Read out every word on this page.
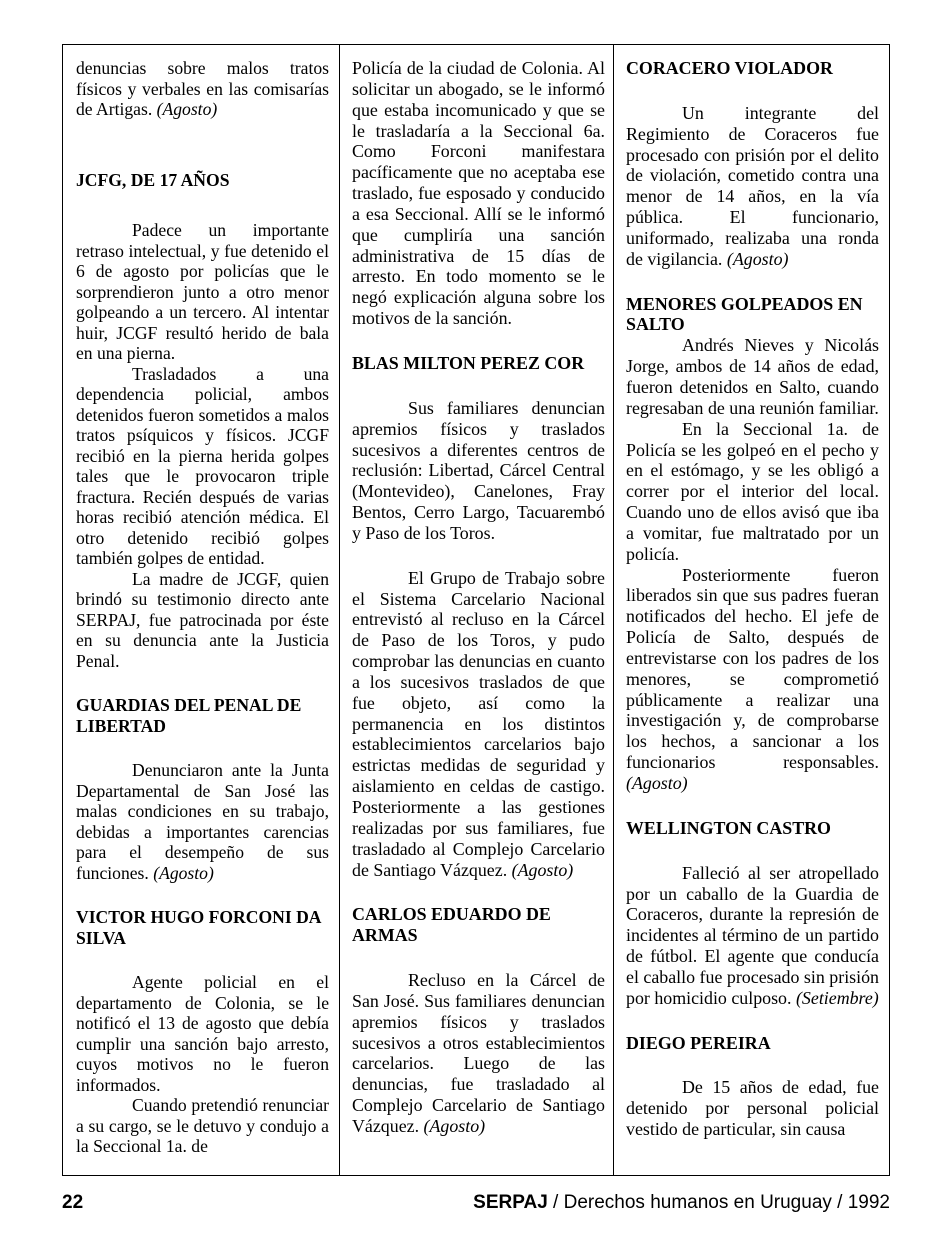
denuncias sobre malos tratos físicos y verbales en las comisarías de Artigas. (Agosto)

JCFG, DE 17 AÑOS

Padece un importante retraso intelectual, y fue detenido el 6 de agosto por policías que le sorprendieron junto a otro menor golpeando a un tercero. Al intentar huir, JCGF resultó herido de bala en una pierna.

Trasladados a una dependencia policial, ambos detenidos fueron sometidos a malos tratos psíquicos y físicos. JCGF recibió en la pierna herida golpes tales que le provocaron triple fractura. Recién después de varias horas recibió atención médica. El otro detenido recibió golpes también golpes de entidad.

La madre de JCGF, quien brindó su testimonio directo ante SERPAJ, fue patrocinada por éste en su denuncia ante la Justicia Penal.

GUARDIAS DEL PENAL DE LIBERTAD

Denunciaron ante la Junta Departamental de San José las malas condiciones en su trabajo, debidas a importantes carencias para el desempeño de sus funciones. (Agosto)

VICTOR HUGO FORCONI DA SILVA

Agente policial en el departamento de Colonia, se le notificó el 13 de agosto que debía cumplir una sanción bajo arresto, cuyos motivos no le fueron informados.

Cuando pretendió renunciar a su cargo, se le detuvo y condujo a la Seccional 1a. de

Policía de la ciudad de Colonia. Al solicitar un abogado, se le informó que estaba incomunicado y que se le trasladaría a la Seccional 6a. Como Forconi manifestara pacíficamente que no aceptaba ese traslado, fue esposado y conducido a esa Seccional. Allí se le informó que cumpliría una sanción administrativa de 15 días de arresto. En todo momento se le negó explicación alguna sobre los motivos de la sanción.

BLAS MILTON PEREZ COR

Sus familiares denuncian apremios físicos y traslados sucesivos a diferentes centros de reclusión: Libertad, Cárcel Central (Montevideo), Canelones, Fray Bentos, Cerro Largo, Tacuarembó y Paso de los Toros.

El Grupo de Trabajo sobre el Sistema Carcelario Nacional entrevistó al recluso en la Cárcel de Paso de los Toros, y pudo comprobar las denuncias en cuanto a los sucesivos traslados de que fue objeto, así como la permanencia en los distintos establecimientos carcelarios bajo estrictas medidas de seguridad y aislamiento en celdas de castigo. Posteriormente a las gestiones realizadas por sus familiares, fue trasladado al Complejo Carcelario de Santiago Vázquez. (Agosto)

CARLOS EDUARDO DE ARMAS

Recluso en la Cárcel de San José. Sus familiares denuncian apremios físicos y traslados sucesivos a otros establecimientos carcelarios. Luego de las denuncias, fue trasladado al Complejo Carcelario de Santiago Vázquez. (Agosto)

CORACERO VIOLADOR

Un integrante del Regimiento de Coraceros fue procesado con prisión por el delito de violación, cometido contra una menor de 14 años, en la vía pública. El funcionario, uniformado, realizaba una ronda de vigilancia. (Agosto)

MENORES GOLPEADOS EN SALTO

Andrés Nieves y Nicolás Jorge, ambos de 14 años de edad, fueron detenidos en Salto, cuando regresaban de una reunión familiar.

En la Seccional 1a. de Policía se les golpeó en el pecho y en el estómago, y se les obligó a correr por el interior del local. Cuando uno de ellos avisó que iba a vomitar, fue maltratado por un policía.

Posteriormente fueron liberados sin que sus padres fueran notificados del hecho. El jefe de Policía de Salto, después de entrevistarse con los padres de los menores, se comprometió públicamente a realizar una investigación y, de comprobarse los hechos, a sancionar a los funcionarios responsables. (Agosto)

WELLINGTON CASTRO

Falleció al ser atropellado por un caballo de la Guardia de Coraceros, durante la represión de incidentes al término de un partido de fútbol. El agente que conducía el caballo fue procesado sin prisión por homicidio culposo. (Setiembre)

DIEGO PEREIRA

De 15 años de edad, fue detenido por personal policial vestido de particular, sin causa

22	SERPAJ / Derechos humanos en Uruguay / 1992
